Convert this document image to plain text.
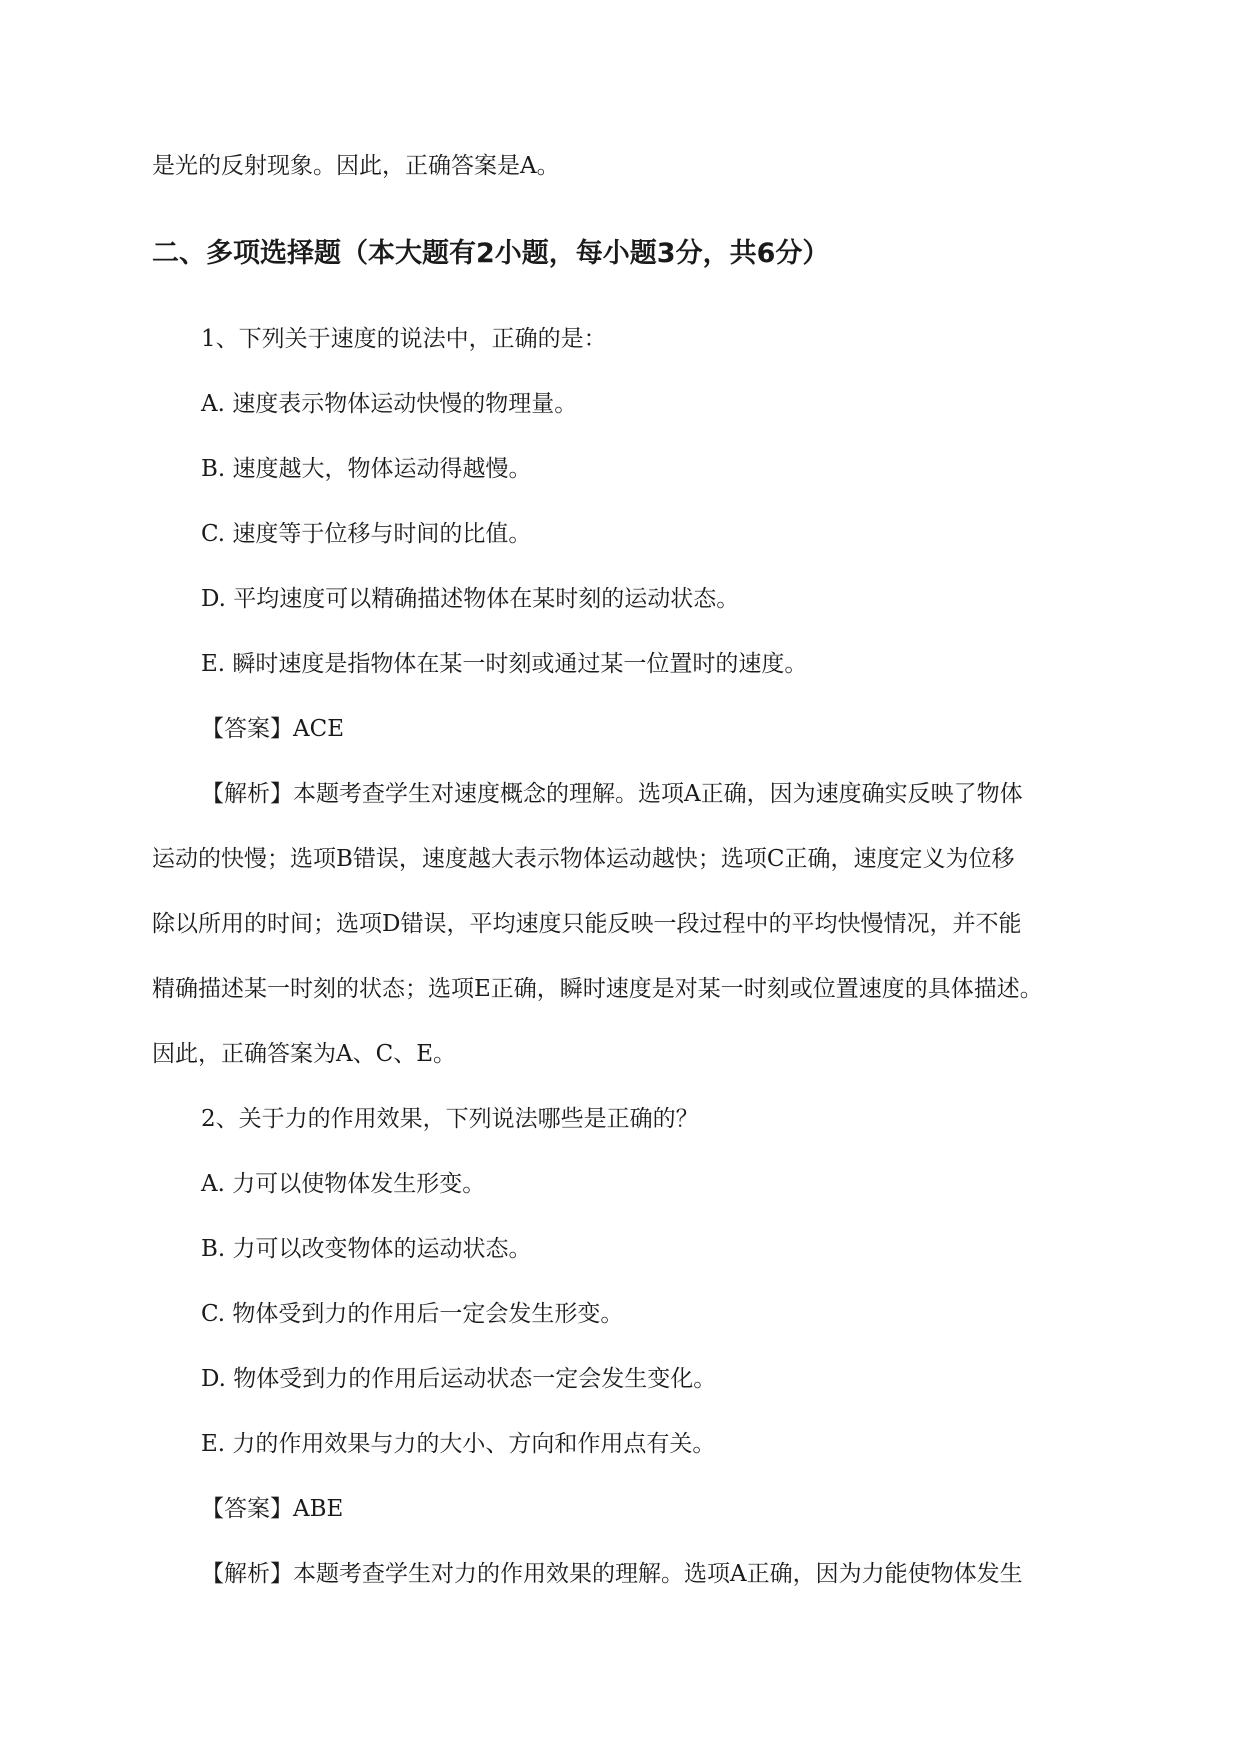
是光的反射现象。因此，正确答案是A。
二、多项选择题（本大题有2小题，每小题3分，共6分）
1、下列关于速度的说法中，正确的是：
A. 速度表示物体运动快慢的物理量。
B. 速度越大，物体运动得越慢。
C. 速度等于位移与时间的比值。
D. 平均速度可以精确描述物体在某时刻的运动状态。
E. 瞬时速度是指物体在某一时刻或通过某一位置时的速度。
【答案】ACE
【解析】本题考查学生对速度概念的理解。选项A正确，因为速度确实反映了物体
运动的快慢；选项B错误，速度越大表示物体运动越快；选项C正确，速度定义为位移
除以所用的时间；选项D错误，平均速度只能反映一段过程中的平均快慢情况，并不能
精确描述某一时刻的状态；选项E正确，瞬时速度是对某一时刻或位置速度的具体描述。
因此，正确答案为A、C、E。
2、关于力的作用效果，下列说法哪些是正确的？
A. 力可以使物体发生形变。
B. 力可以改变物体的运动状态。
C. 物体受到力的作用后一定会发生形变。
D. 物体受到力的作用后运动状态一定会发生变化。
E. 力的作用效果与力的大小、方向和作用点有关。
【答案】ABE
【解析】本题考查学生对力的作用效果的理解。选项A正确，因为力能使物体发生
